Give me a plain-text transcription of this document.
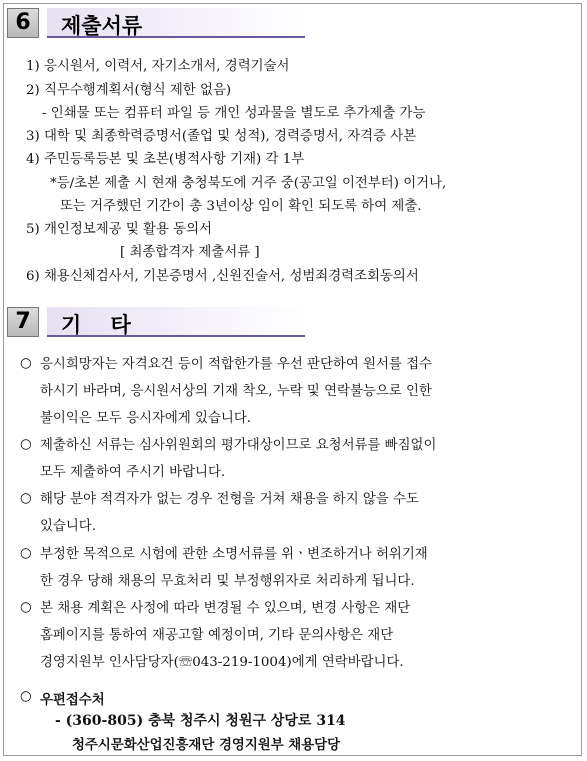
6	제출서류
1) 응시원서, 이력서, 자기소개서, 경력기술서
2) 직무수행계획서(형식 제한 없음)
- 인쇄물 또는 컴퓨터 파일 등 개인 성과물을 별도로 추가제출 가능
3) 대학 및 최종학력증명서(졸업 및 성적), 경력증명서, 자격증 사본
4) 주민등록등본 및 초본(병적사항 기재) 각 1부
*등/초본 제출 시 현재 충청북도에 거주 중(공고일 이전부터) 이거나,
또는 거주했던 기간이 총 3년이상 임이 확인 되도록 하여 제출.
5) 개인정보제공 및 활용 동의서
[ 최종합격자 제출서류 ]
6) 채용신체검사서, 기본증명서 ,신원진술서, 성범죄경력조회동의서
7	기    타
○ 응시희망자는 자격요건 등이 적합한가를 우선 판단하여 원서를 접수
하시기 바라며, 응시원서상의 기재 착오, 누락 및 연락불능으로 인한
불이익은 모두 응시자에게 있습니다.
○ 제출하신 서류는 심사위원회의 평가대상이므로 요청서류를 빠짐없이
모두 제출하여 주시기 바랍니다.
○ 해당 분야 적격자가 없는 경우 전형을 거쳐 채용을 하지 않을 수도
있습니다.
○ 부정한 목적으로 시험에 관한 소명서류를 위ㆍ변조하거나 허위기재
한 경우 당해 채용의 무효처리 및 부정행위자로 처리하게 됩니다.
○ 본 채용 계획은 사정에 따라 변경될 수 있으며, 변경 사항은 재단
홈페이지를 통하여 재공고할 예정이며, 기타 문의사항은 재단
경영지원부 인사담당자(☏043-219-1004)에게 연락바랍니다.
○ 우편접수처
- (360-805) 충북 청주시 청원구 상당로 314
청주시문화산업진흥재단 경영지원부 채용담당
